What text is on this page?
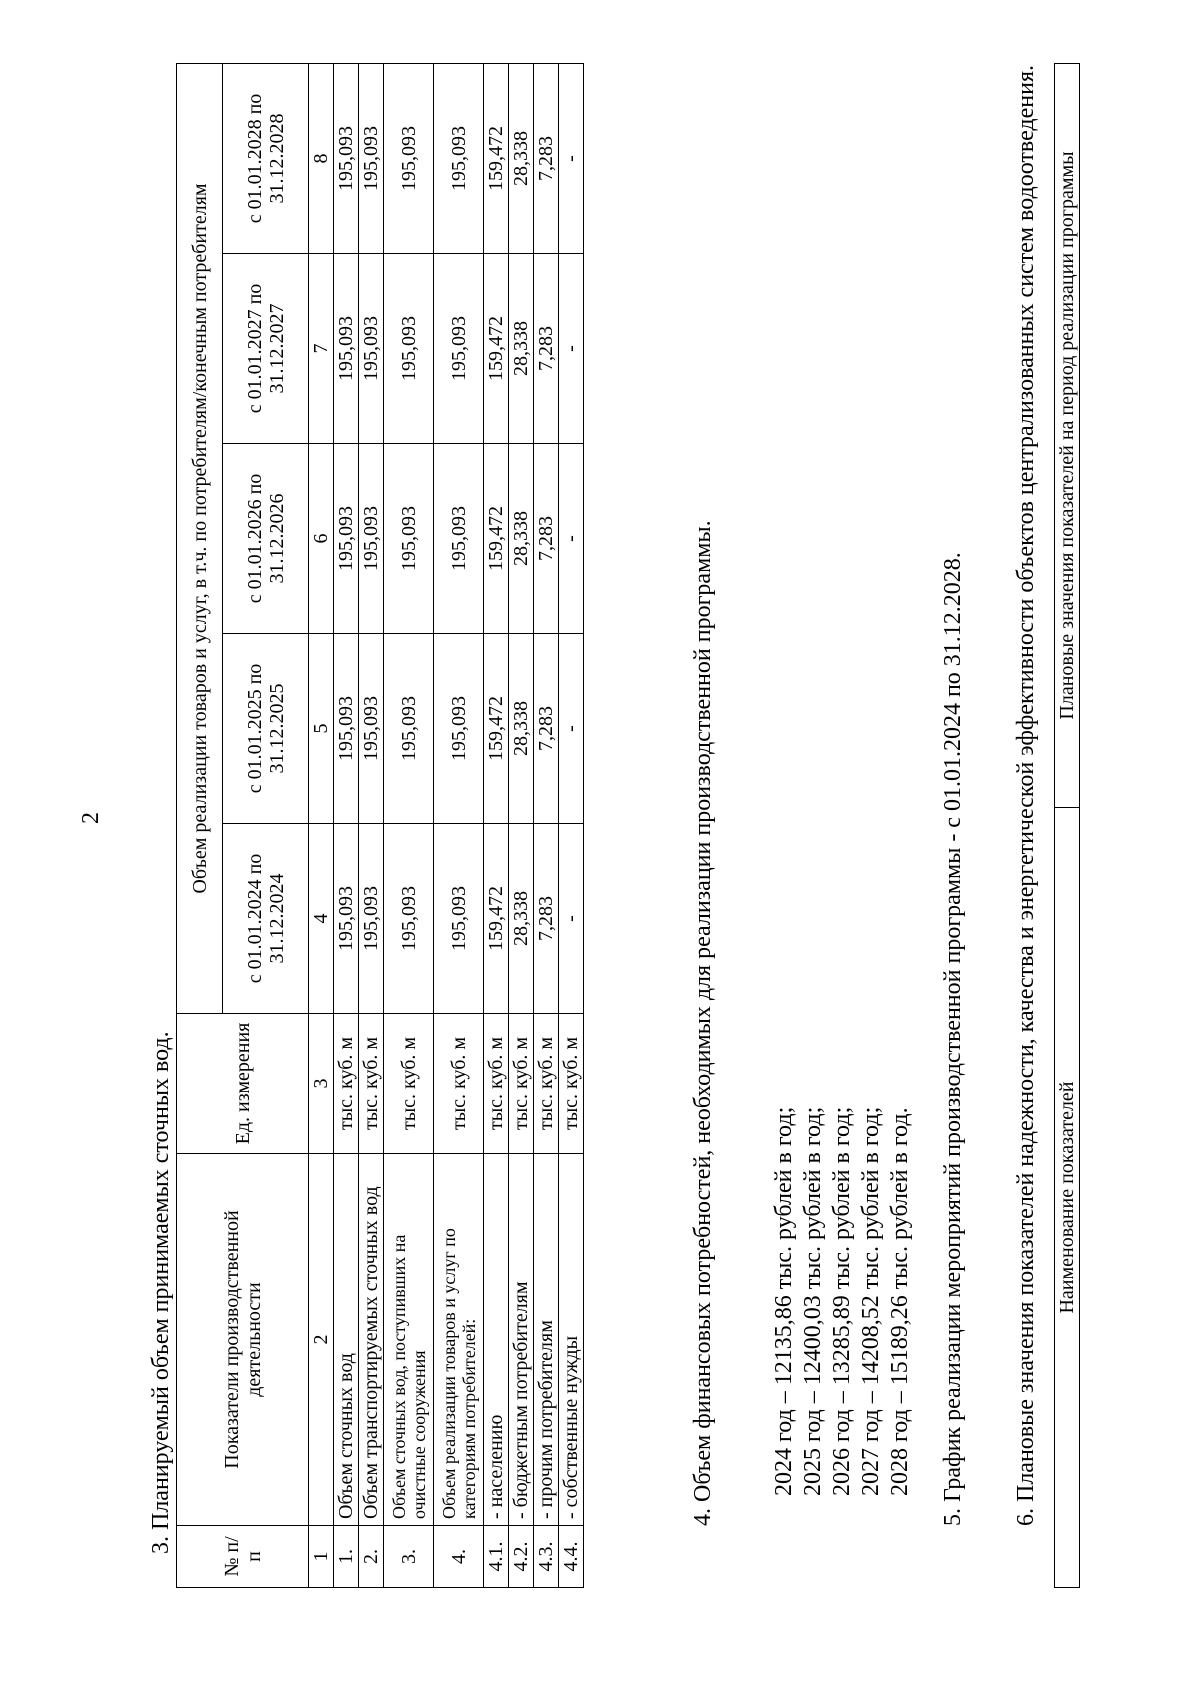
2
3. Планируемый объем принимаемых сточных вод.
№ п/п	Показатели производственной деятельности	Ед. измерения	Объем реализации товаров и услуг, в т.ч. по потребителям/конечным потребителям				
			с 01.01.2024 по 31.12.2024	с 01.01.2025 по 31.12.2025	с 01.01.2026 по 31.12.2026	с 01.01.2027 по 31.12.2027	с 01.01.2028 по 31.12.2028
1	2	3	4	5	6	7	8
1.	Объем сточных вод	тыс. куб. м	195,093	195,093	195,093	195,093	195,093
2.	Объем транспортируемых сточных вод	тыс. куб. м	195,093	195,093	195,093	195,093	195,093
3.	Объем сточных вод, поступивших на очистные сооружения	тыс. куб. м	195,093	195,093	195,093	195,093	195,093
4.	Объем реализации товаров и услуг по категориям потребителей:	тыс. куб. м	195,093	195,093	195,093	195,093	195,093
4.1.	- населению	тыс. куб. м	159,472	159,472	159,472	159,472	159,472
4.2.	- бюджетным потребителям	тыс. куб. м	28,338	28,338	28,338	28,338	28,338
4.3.	- прочим потребителям	тыс. куб. м	7,283	7,283	7,283	7,283	7,283
4.4.	- собственные нужды	тыс. куб. м	-	-	-	-	-
4. Объем финансовых потребностей, необходимых для реализации производственной программы. 2024 год – 12135,86 тыс. рублей в год; 2025 год – 12400,03 тыс. рублей в год; 2026 год – 13285,89 тыс. рублей в год; 2027 год – 14208,52 тыс. рублей в год; 2028 год – 15189,26 тыс. рублей в год. 5. График реализации мероприятий производственной программы - с 01.01.2024 по 31.12.2028. 6. Плановые значения показателей надежности, качества и энергетической эффективности объектов централизованных систем водоотведения. Наименование показателей	Плановые значения показателей на период реализации программы
